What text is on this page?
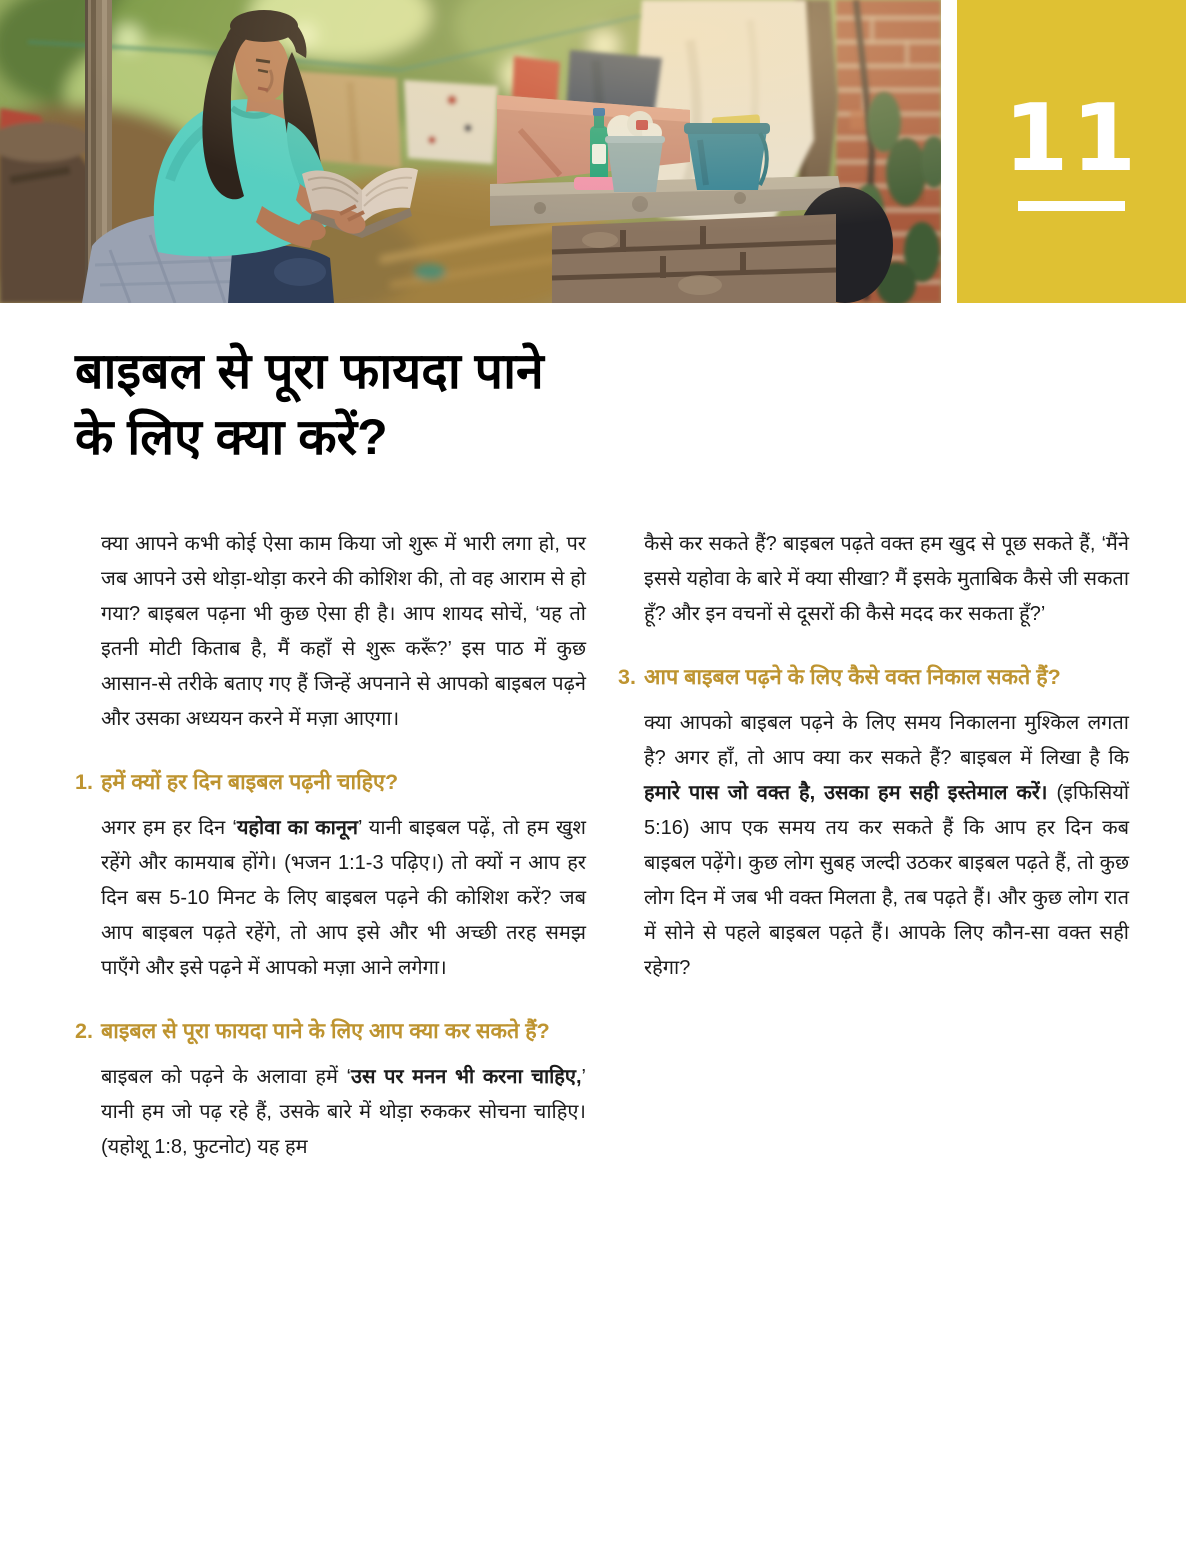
11
बाइबल से पूरा फायदा पाने
के लिए क्या करें?

क्या आपने कभी कोई ऐसा काम किया जो शुरू में भारी लगा हो, पर जब आपने उसे थोड़ा-थोड़ा करने की कोशिश की, तो वह आराम से हो गया? बाइबल पढ़ना भी कुछ ऐसा ही है। आप शायद सोचें, ‘यह तो इतनी मोटी किताब है, मैं कहाँ से शुरू करूँ?’ इस पाठ में कुछ आसान-से तरीके बताए गए हैं जिन्हें अपनाने से आपको बाइबल पढ़ने और उसका अध्ययन करने में मज़ा आएगा।

1. हमें क्यों हर दिन बाइबल पढ़नी चाहिए?

अगर हम हर दिन ‘यहोवा का कानून’ यानी बाइबल पढ़ें, तो हम खुश रहेंगे और कामयाब होंगे। (भजन 1:1-3 पढ़िए।) तो क्यों न आप हर दिन बस 5-10 मिनट के लिए बाइबल पढ़ने की कोशिश करें? जब आप बाइबल पढ़ते रहेंगे, तो आप इसे और भी अच्छी तरह समझ पाएँगे और इसे पढ़ने में आपको मज़ा आने लगेगा।

2. बाइबल से पूरा फायदा पाने के लिए आप क्या कर सकते हैं?

बाइबल को पढ़ने के अलावा हमें ‘उस पर मनन भी करना चाहिए,’ यानी हम जो पढ़ रहे हैं, उसके बारे में थोड़ा रुककर सोचना चाहिए। (यहोशू 1:8, फुटनोट) यह हम

कैसे कर सकते हैं? बाइबल पढ़ते वक्त हम खुद से पूछ सकते हैं, ‘मैंने इससे यहोवा के बारे में क्या सीखा? मैं इसके मुताबिक कैसे जी सकता हूँ? और इन वचनों से दूसरों की कैसे मदद कर सकता हूँ?’

3. आप बाइबल पढ़ने के लिए कैसे वक्त निकाल सकते हैं?

क्या आपको बाइबल पढ़ने के लिए समय निकालना मुश्किल लगता है? अगर हाँ, तो आप क्या कर सकते हैं? बाइबल में लिखा है कि हमारे पास जो वक्त है, उसका हम सही इस्तेमाल करें। (इफिसियों 5:16) आप एक समय तय कर सकते हैं कि आप हर दिन कब बाइबल पढ़ेंगे। कुछ लोग सुबह जल्दी उठकर बाइबल पढ़ते हैं, तो कुछ लोग दिन में जब भी वक्त मिलता है, तब पढ़ते हैं। और कुछ लोग रात में सोने से पहले बाइबल पढ़ते हैं। आपके लिए कौन-सा वक्त सही रहेगा?
